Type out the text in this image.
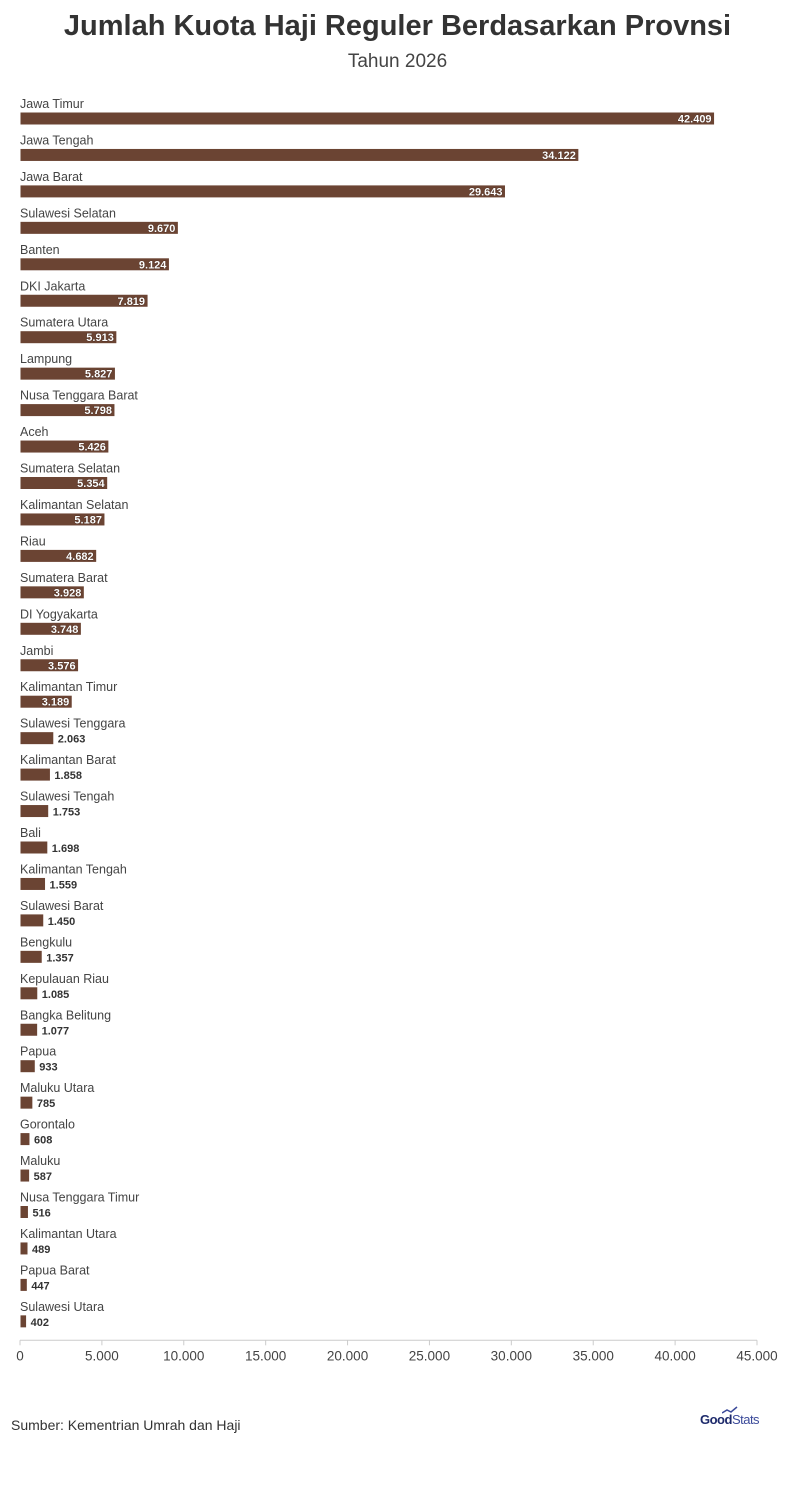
Jumlah Kuota Haji Reguler Berdasarkan Provnsi
Tahun 2026
Jawa Timur
42.409
Jawa Tengah
34.122
Jawa Barat
29.643
Sulawesi Selatan
9.670
Banten
9.124
DKI Jakarta
7.819
Sumatera Utara
5.913
Lampung
5.827
Nusa Tenggara Barat
5.798
Aceh
5.426
Sumatera Selatan
5.354
Kalimantan Selatan
5.187
Riau
4.682
Sumatera Barat
3.928
DI Yogyakarta
3.748
Jambi
3.576
Kalimantan Timur
3.189
Sulawesi Tenggara
2.063
Kalimantan Barat
1.858
Sulawesi Tengah
1.753
Bali
1.698
Kalimantan Tengah
1.559
Sulawesi Barat
1.450
Bengkulu
1.357
Kepulauan Riau
1.085
Bangka Belitung
1.077
Papua
933
Maluku Utara
785
Gorontalo
608
Maluku
587
Nusa Tenggara Timur
516
Kalimantan Utara
489
Papua Barat
447
Sulawesi Utara
402
0	5.000	10.000	15.000	20.000	25.000	30.000	35.000	40.000	45.000
Sumber: Kementrian Umrah dan Haji	GoodStats
